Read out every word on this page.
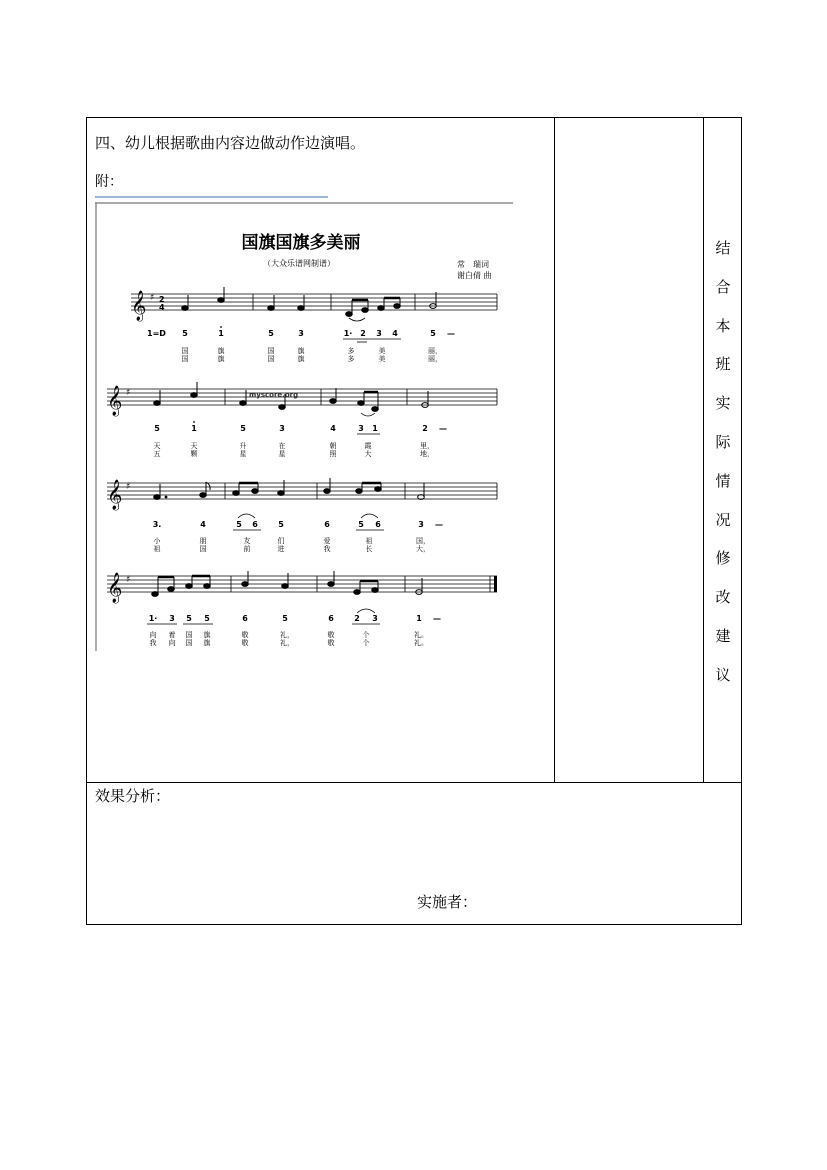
四、幼儿根据歌曲内容边做动作边演唱。
附：
国旗国旗多美丽
（大众乐谱网制谱）	常　瑞词
谢白倩 曲
𝄞 ♯ 2
4
1=D 5	1	5	3	1· 2 3 4	5 —
国	旗	国	旗	多	美	丽，
国	旗	国	旗	多	美	丽，
𝄞 ♯	myscore.org
5	1	5	3	4	3 1	2 —
天	天	升	在	朝	霞	里，
五	颗	星	星	照	大	地，
𝄞 ♯
3.	4	5 6	5	6	5 6	3 —
小	朋	友	们	爱	祖	国，
祖	国	前	进	我	长	大，
𝄞 ♯
1· 3 5 5	6	5	6	2 3	1 —
向 着 国 旗	敬	礼，	敬	个	礼。
我 向 国 旗	敬	礼，	敬	个	礼。
结
合
本
班
实
际
情
况
修
改
建
议
效果分析：
实施者：
